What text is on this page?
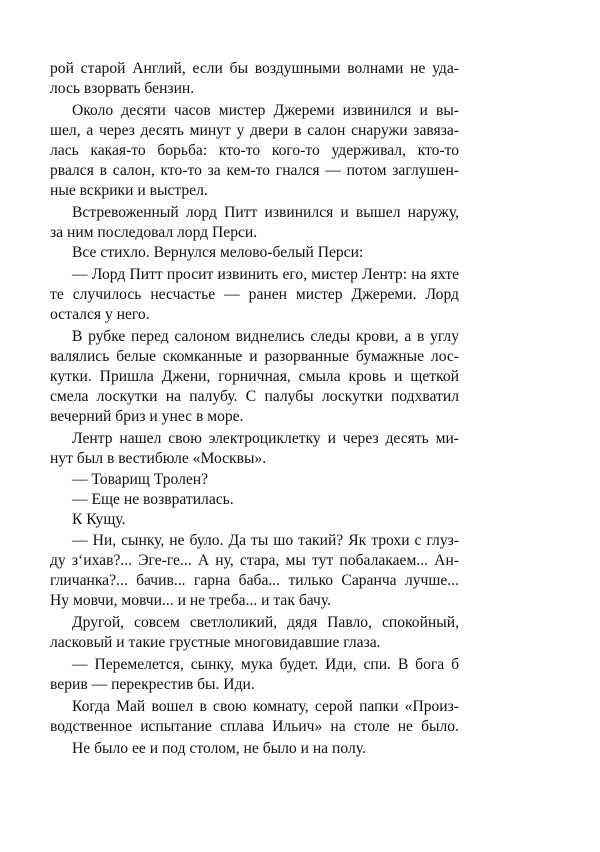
рой старой Англий, если бы воздушными волнами не уда-
лось взорвать бензин.
Около десяти часов мистер Джереми извинился и вы-
шел, а через десять минут у двери в салон снаружи завяза-
лась какая-то борьба: кто-то кого-то удерживал, кто-то
рвался в салон, кто-то за кем-то гнался — потом заглушен-
ные вскрики и выстрел.
Встревоженный лорд Питт извинился и вышел наружу,
за ним последовал лорд Перси.
Все стихло. Вернулся мелово-белый Перси:
— Лорд Питт просит извинить его, мистер Лентр: на яхте
те случилось несчастье — ранен мистер Джереми. Лорд
остался у него.
В рубке перед салоном виднелись следы крови, а в углу
валялись белые скомканные и разорванные бумажные лос-
кутки. Пришла Джени, горничная, смыла кровь и щеткой
смела лоскутки на палубу. С палубы лоскутки подхватил
вечерний бриз и унес в море.
Лентр нашел свою электроциклетку и через десять ми-
нут был в вестибюле «Москвы».
— Товарищ Тролен?
— Еще не возвратилась.
К Кущу.
— Ни, сынку, не було. Да ты шо такий? Як трохи с глуз-
ду з‘ихав?... Эге-ге... А ну, стара, мы тут побалакаем... Ан-
гличанка?... бачив... гарна баба... тилько Саранча лучше...
Ну мовчи, мовчи... и не треба... и так бачу.
Другой, совсем светлоликий, дядя Павло, спокойный,
ласковый и такие грустные многовидавшие глаза.
— Перемелется, сынку, мука будет. Иди, спи. В бога б
верив — перекрестив бы. Иди.
Когда Май вошел в свою комнату, серой папки «Произ-
водственное испытание сплава Ильич» на столе не было.
Не было ее и под столом, не было и на полу.
